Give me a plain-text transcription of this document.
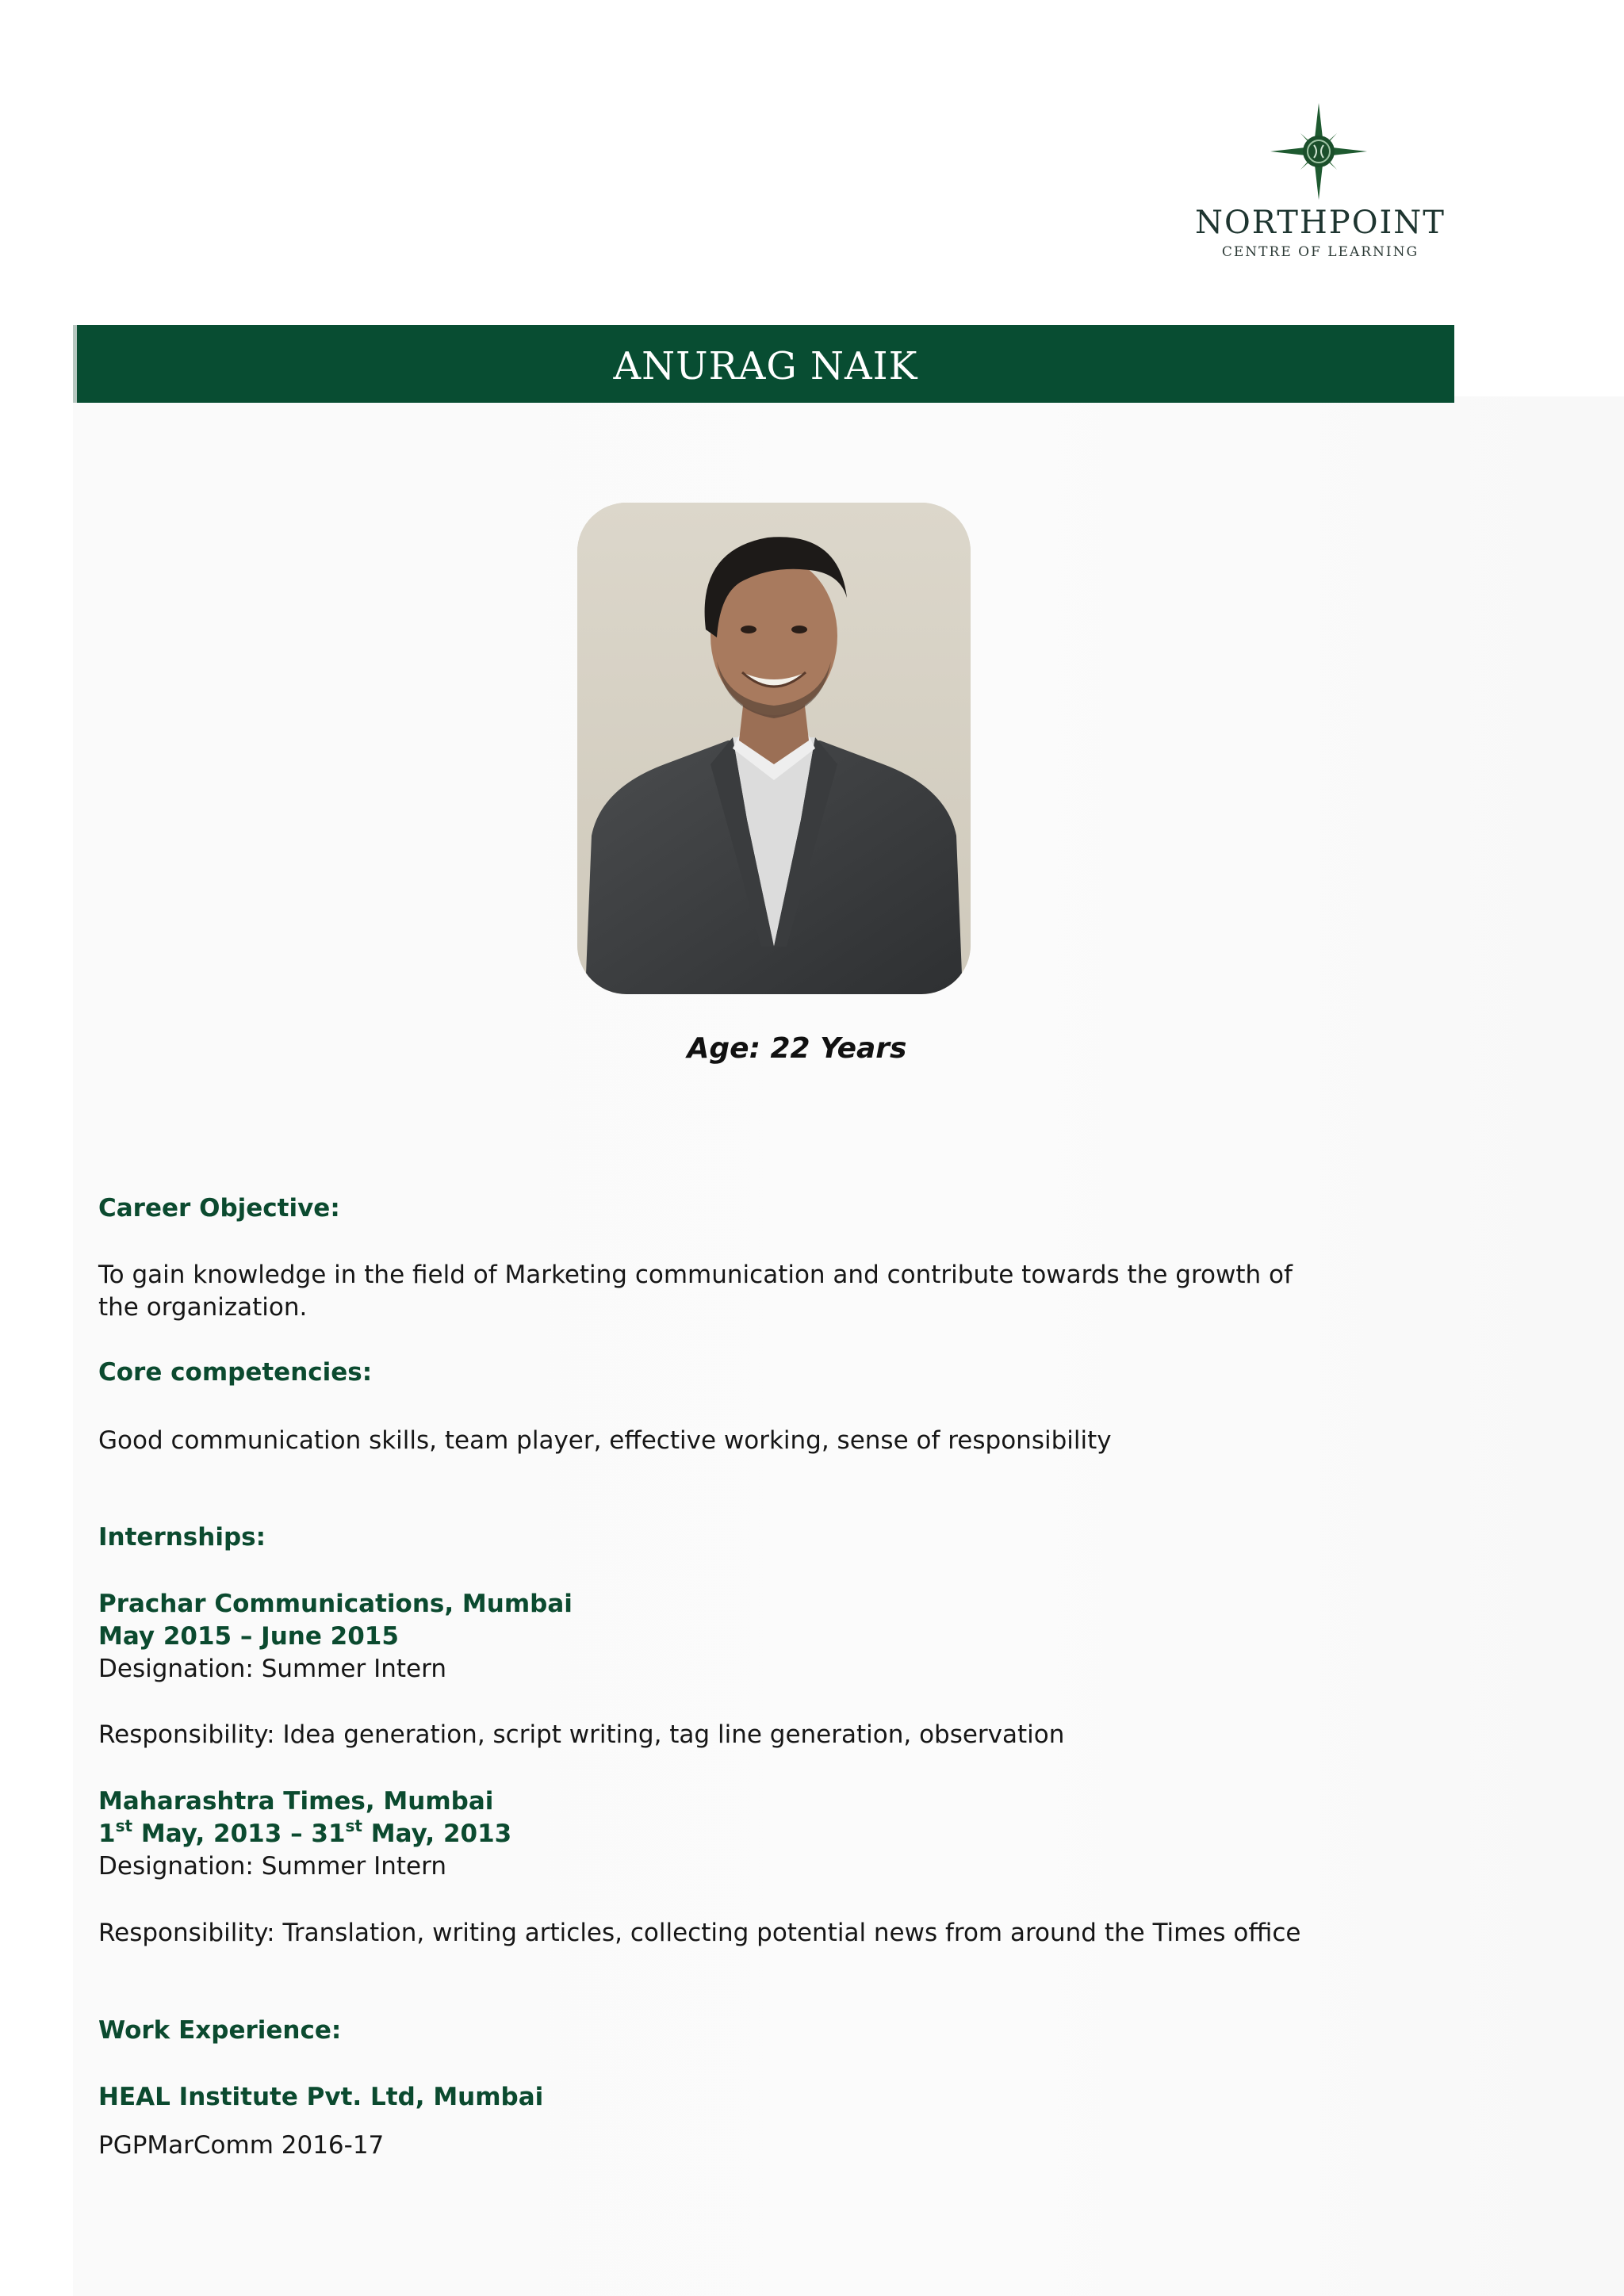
NORTHPOINT
CENTRE OF LEARNING
ANURAG NAIK
Age: 22 Years
Career Objective:
To gain knowledge in the field of Marketing communication and contribute towards the growth of the organization.
Core competencies:
Good communication skills, team player, effective working, sense of responsibility
Internships:
Prachar Communications, Mumbai
May 2015 – June 2015
Designation: Summer Intern
Responsibility: Idea generation, script writing, tag line generation, observation
Maharashtra Times, Mumbai
1st May, 2013 – 31st May, 2013
Designation: Summer Intern
Responsibility: Translation, writing articles, collecting potential news from around the Times office
Work Experience:
HEAL Institute Pvt. Ltd, Mumbai
PGPMarComm 2016-17
